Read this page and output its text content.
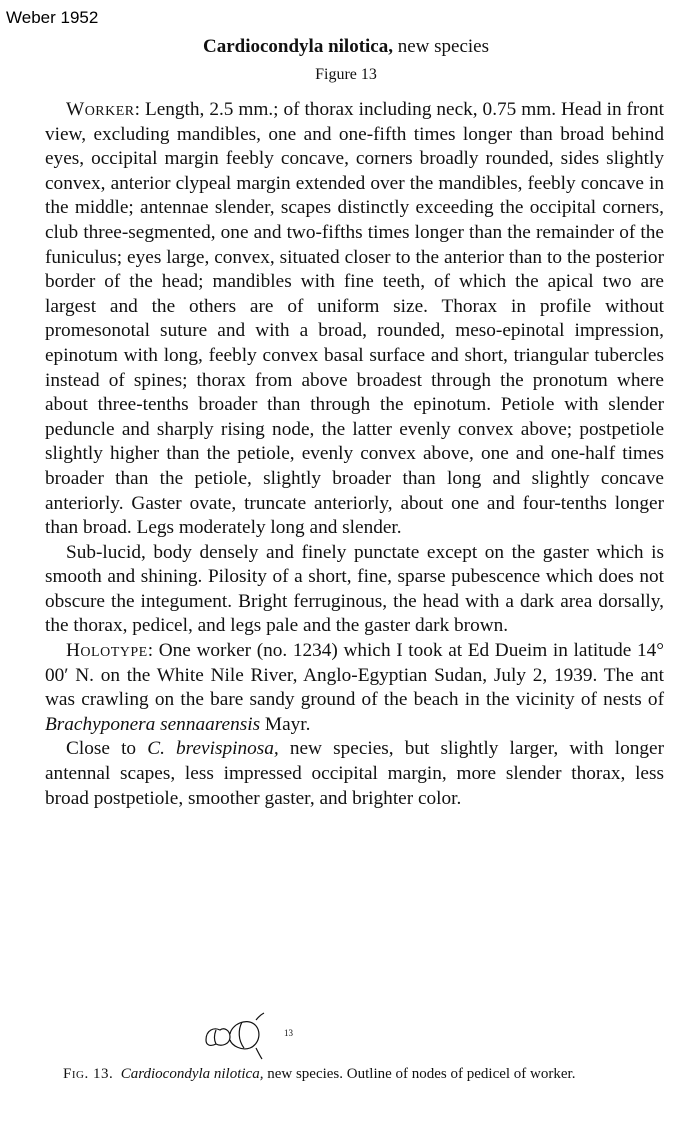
Weber 1952
Cardiocondyla nilotica, new species
Figure 13

Worker: Length, 2.5 mm.; of thorax including neck, 0.75 mm. Head in front view, excluding mandibles, one and one-fifth times longer than broad behind eyes, occipital margin feebly concave, corners broadly rounded, sides slightly convex, anterior clypeal margin extended over the mandibles, feebly concave in the middle; antennae slender, scapes distinctly exceeding the occipital corners, club three-segmented, one and two-fifths times longer than the remainder of the funiculus; eyes large, convex, situated closer to the anterior than to the posterior border of the head; mandibles with fine teeth, of which the apical two are largest and the others are of uniform size. Thorax in profile without promesonotal suture and with a broad, rounded, meso-epinotal impression, epinotum with long, feebly convex basal surface and short, triangular tubercles instead of spines; thorax from above broadest through the pronotum where about three-tenths broader than through the epinotum. Petiole with slender peduncle and sharply rising node, the latter evenly convex above; postpetiole slightly higher than the petiole, evenly convex above, one and one-half times broader than the petiole, slightly broader than long and slightly concave anteriorly. Gaster ovate, truncate anteriorly, about one and four-tenths longer than broad. Legs moderately long and slender.

Sub-lucid, body densely and finely punctate except on the gaster which is smooth and shining. Pilosity of a short, fine, sparse pubescence which does not obscure the integument. Bright ferruginous, the head with a dark area dorsally, the thorax, pedicel, and legs pale and the gaster dark brown.

Holotype: One worker (no. 1234) which I took at Ed Dueim in latitude 14° 00′ N. on the White Nile River, Anglo-Egyptian Sudan, July 2, 1939. The ant was crawling on the bare sandy ground of the beach in the vicinity of nests of Brachyponera sennaarensis Mayr.

Close to C. brevispinosa, new species, but slightly larger, with longer antennal scapes, less impressed occipital margin, more slender thorax, less broad postpetiole, smoother gaster, and brighter color.

13
Fig. 13. Cardiocondyla nilotica, new species. Outline of nodes of pedicel of worker.
